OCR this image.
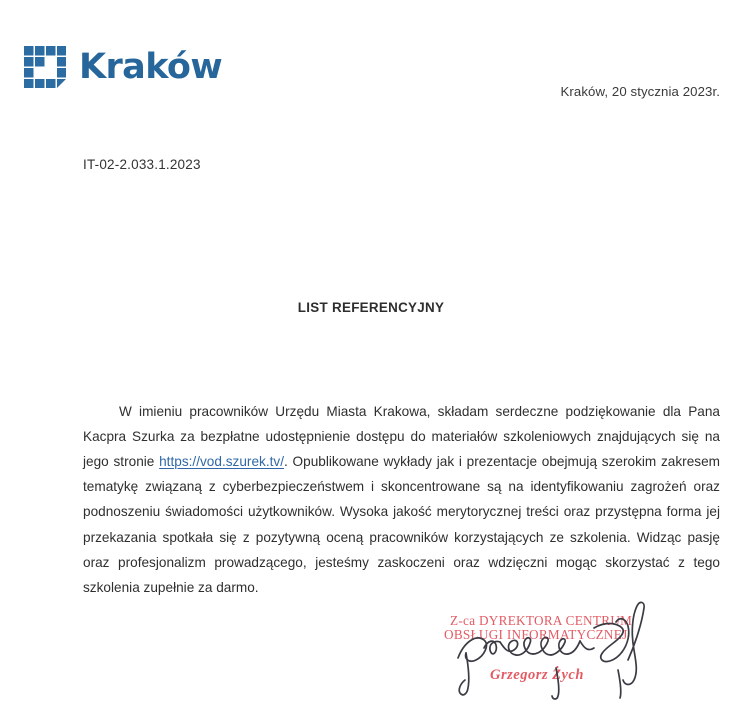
Kraków
Kraków, 20 stycznia 2023r.
IT-02-2.033.1.2023
LIST REFERENCYJNY

W imieniu pracowników Urzędu Miasta Krakowa, składam serdeczne podziękowanie dla Pana Kacpra Szurka za bezpłatne udostępnienie dostępu do materiałów szkoleniowych znajdujących się na jego stronie https://vod.szurek.tv/. Opublikowane wykłady jak i prezentacje obejmują szerokim zakresem tematykę związaną z cyberbezpieczeństwem i skoncentrowane są na identyfikowaniu zagrożeń oraz podnoszeniu świadomości użytkowników. Wysoka jakość merytorycznej treści oraz przystępna forma jej przekazania spotkała się z pozytywną oceną pracowników korzystających ze szkolenia. Widząc pasję oraz profesjonalizm prowadzącego, jesteśmy zaskoczeni oraz wdzięczni mogąc skorzystać z tego szkolenia zupełnie za darmo.

Z-ca DYREKTORA CENTRUM
OBSŁUGI INFORMATYCZNEJ
Grzegorz Żych
